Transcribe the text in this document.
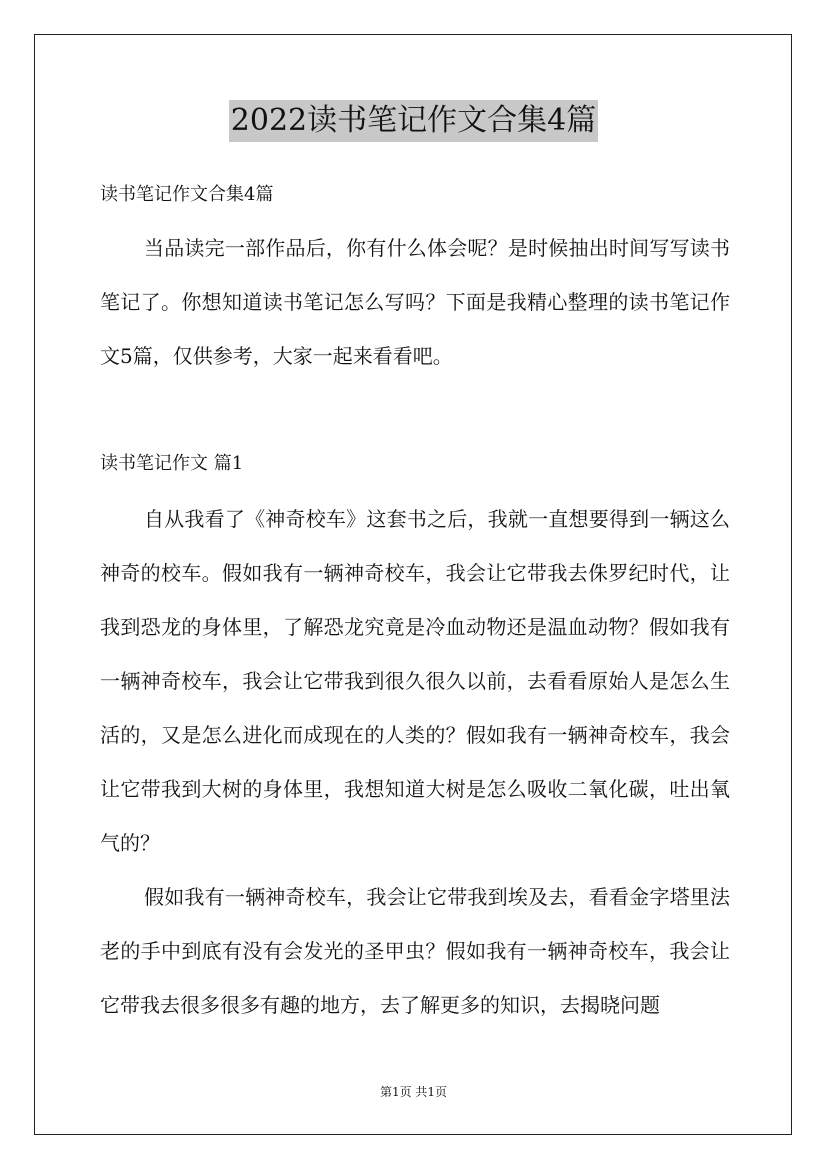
2022读书笔记作文合集4篇
读书笔记作文合集4篇

当品读完一部作品后，你有什么体会呢？是时候抽出时间写写读书笔记了。你想知道读书笔记怎么写吗？下面是我精心整理的读书笔记作文5篇，仅供参考，大家一起来看看吧。

读书笔记作文 篇1

自从我看了《神奇校车》这套书之后，我就一直想要得到一辆这么神奇的校车。假如我有一辆神奇校车，我会让它带我去侏罗纪时代，让我到恐龙的身体里，了解恐龙究竟是冷血动物还是温血动物？假如我有一辆神奇校车，我会让它带我到很久很久以前，去看看原始人是怎么生活的，又是怎么进化而成现在的人类的？假如我有一辆神奇校车，我会让它带我到大树的身体里，我想知道大树是怎么吸收二氧化碳，吐出氧气的？

假如我有一辆神奇校车，我会让它带我到埃及去，看看金字塔里法老的手中到底有没有会发光的圣甲虫？假如我有一辆神奇校车，我会让它带我去很多很多有趣的地方，去了解更多的知识，去揭晓问题

第1页 共1页
